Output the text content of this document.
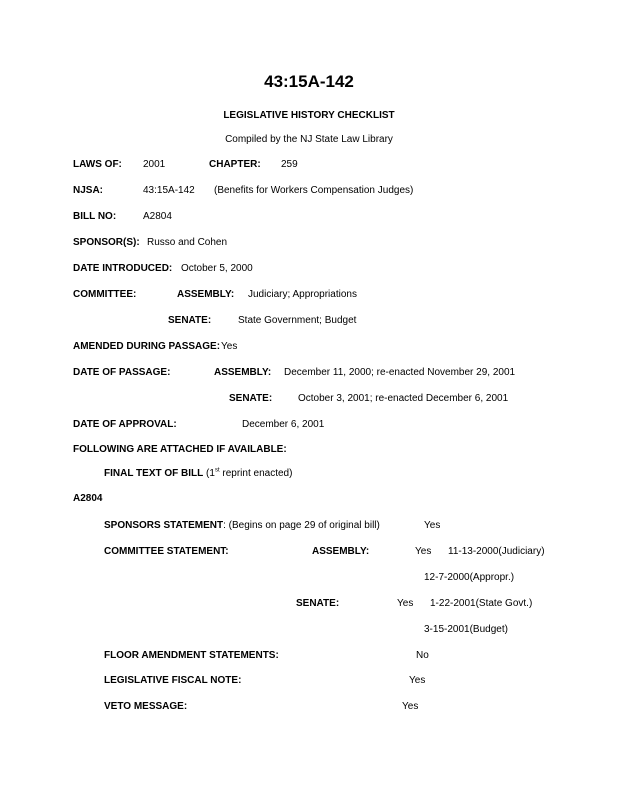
43:15A-142
LEGISLATIVE HISTORY CHECKLIST
Compiled by the NJ State Law Library
LAWS OF: 2001	CHAPTER: 259
NJSA:	43:15A-142 (Benefits for Workers Compensation Judges)
BILL NO:	A2804
SPONSOR(S): Russo and Cohen
DATE INTRODUCED: October 5, 2000
COMMITTEE:	ASSEMBLY: Judiciary; Appropriations
SENATE:	State Government; Budget
AMENDED DURING PASSAGE: Yes
DATE OF PASSAGE:	ASSEMBLY: December 11, 2000; re-enacted November 29, 2001
SENATE:	October 3, 2001; re-enacted December 6, 2001
DATE OF APPROVAL:	December 6, 2001
FOLLOWING ARE ATTACHED IF AVAILABLE:
FINAL TEXT OF BILL (1st reprint enacted)
A2804
SPONSORS STATEMENT: (Begins on page 29 of original bill)	Yes
COMMITTEE STATEMENT:	ASSEMBLY:	Yes 11-13-2000(Judiciary)
12-7-2000(Appropr.)
SENATE:	Yes 1-22-2001(State Govt.)
3-15-2001(Budget)
FLOOR AMENDMENT STATEMENTS:	No
LEGISLATIVE FISCAL NOTE:	Yes
VETO MESSAGE:	Yes
